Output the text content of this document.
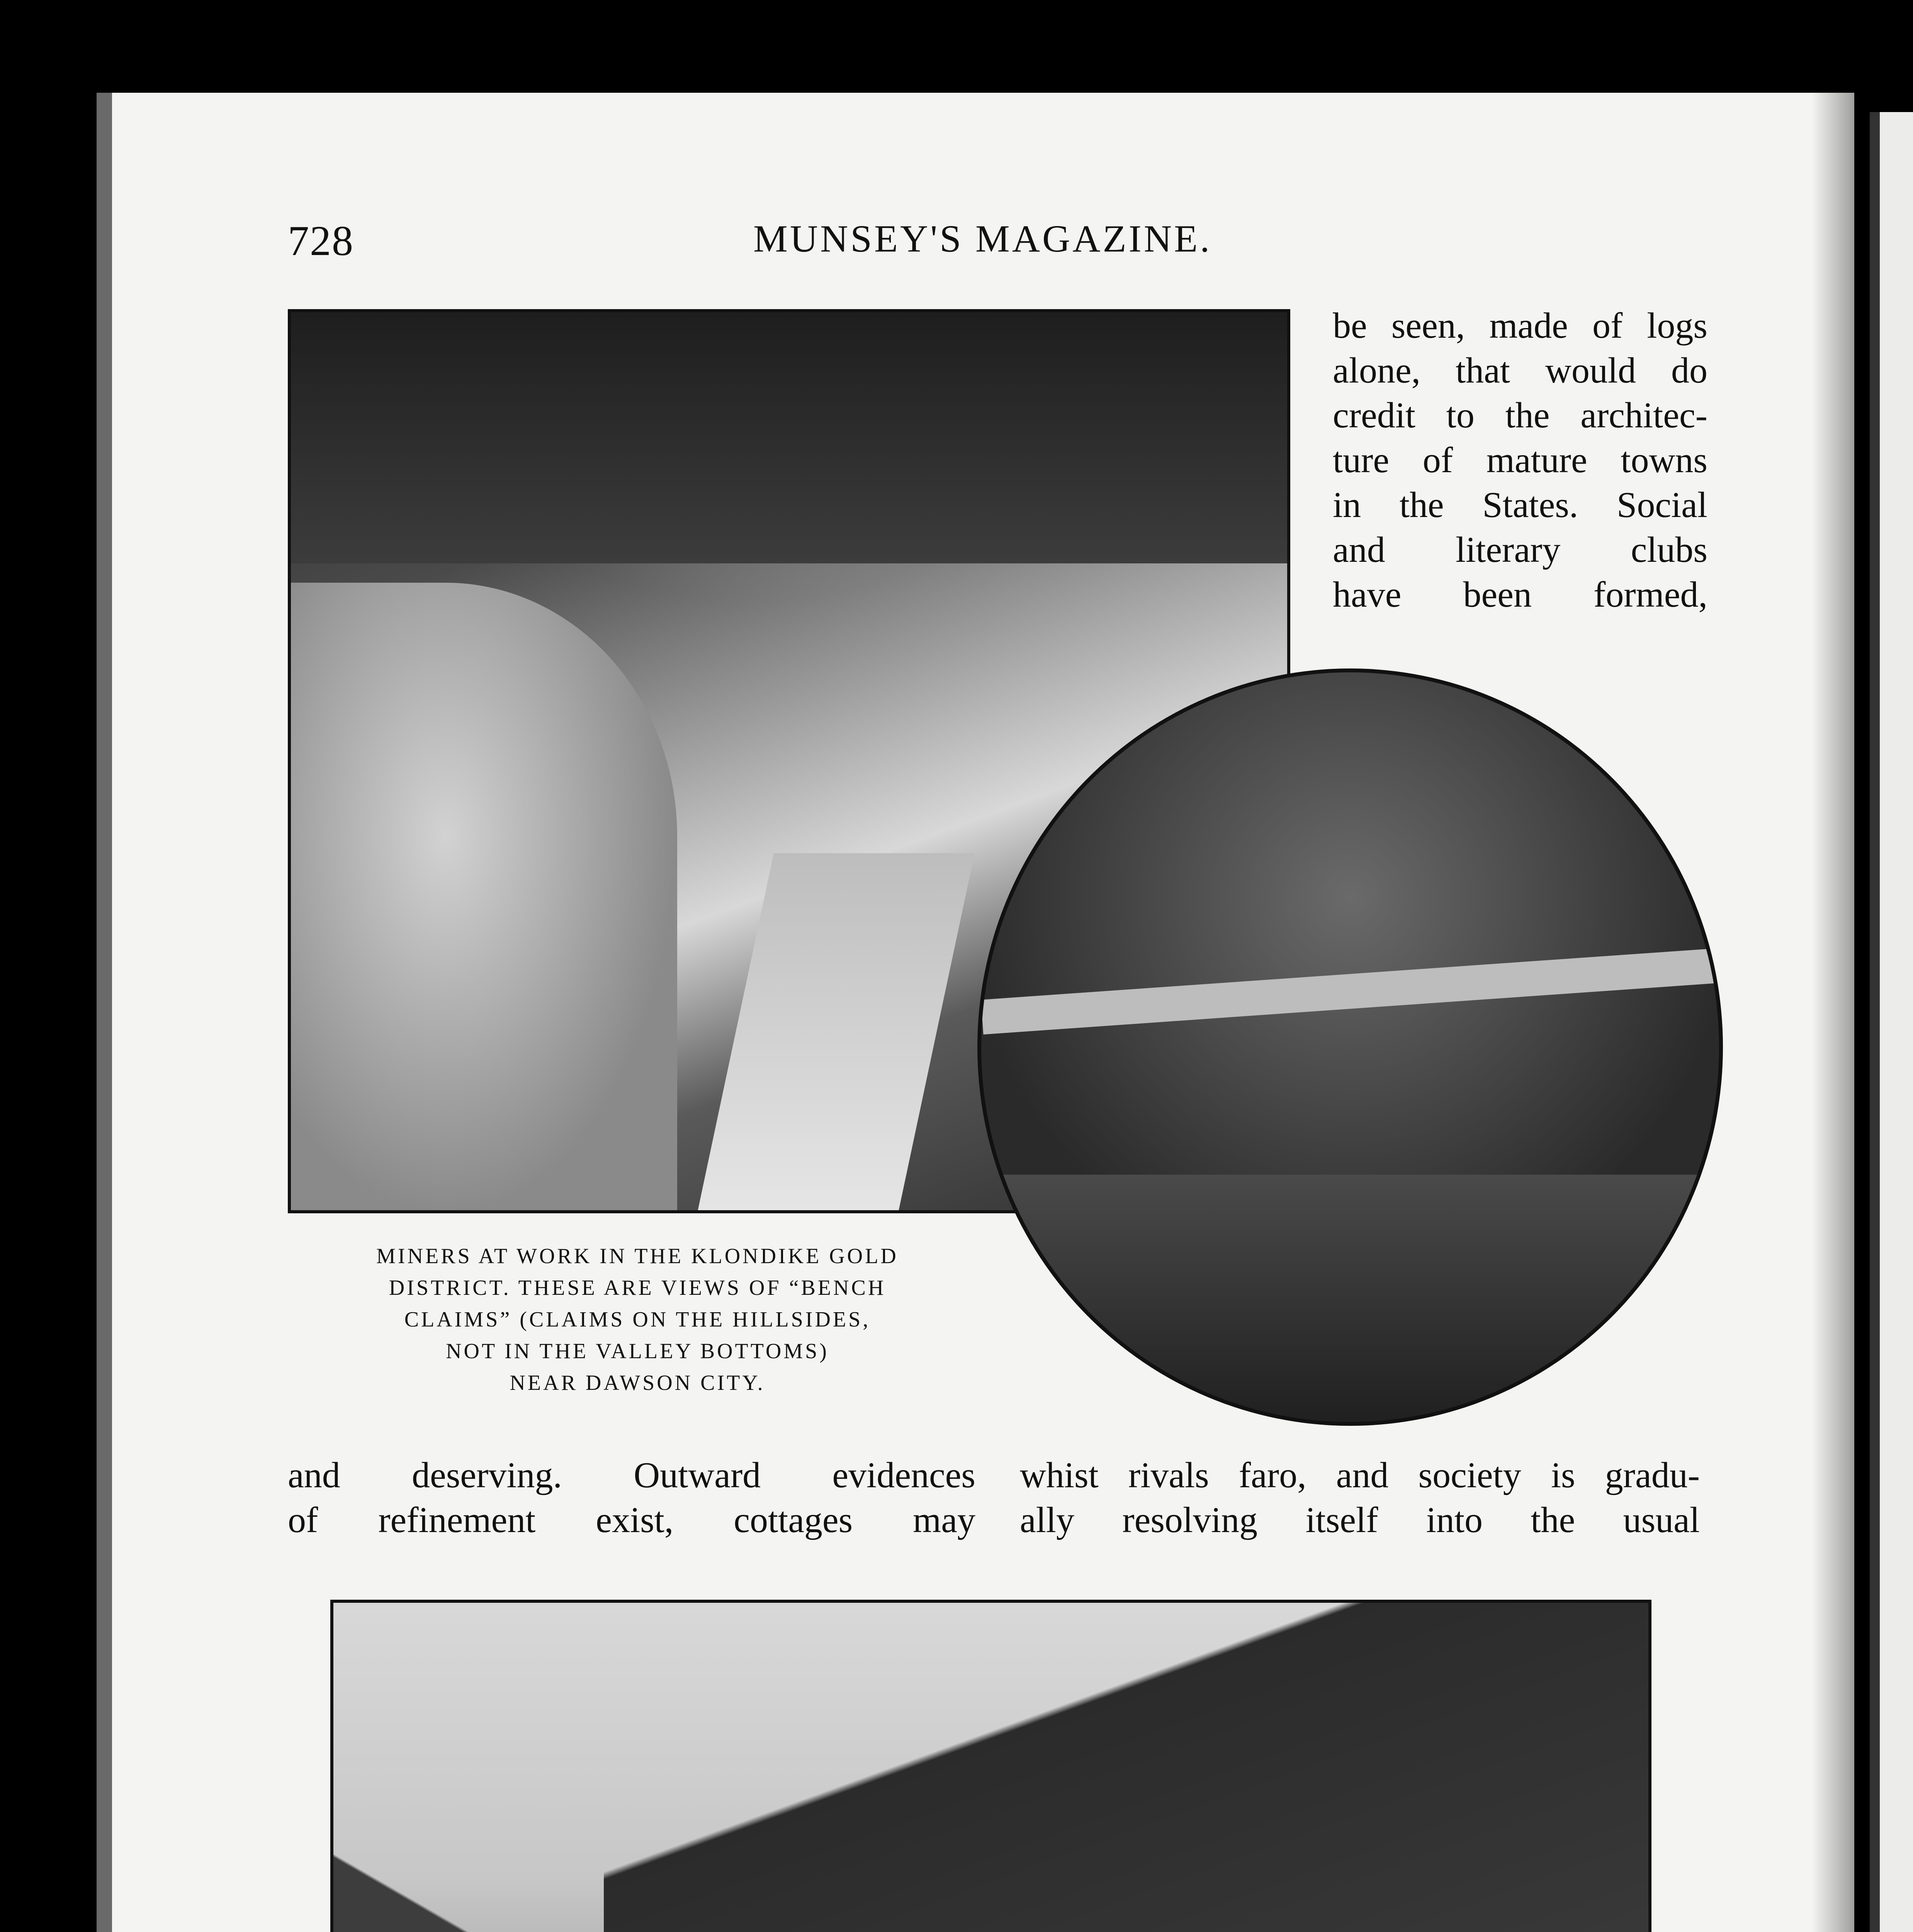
728	MUNSEY'S MAGAZINE.
be seen, made of logs
alone, that would do
credit to the architec-
ture of mature towns
in the States. Social
and literary clubs
have been formed,
MINERS AT WORK IN THE KLONDIKE GOLD
DISTRICT. THESE ARE VIEWS OF “BENCH
CLAIMS” (CLAIMS ON THE HILLSIDES,
NOT IN THE VALLEY BOTTOMS)
NEAR DAWSON CITY.
and deserving. Outward evidences
of refinement exist, cottages may
whist rivals faro, and society is gradu-
ally resolving itself into the usual
